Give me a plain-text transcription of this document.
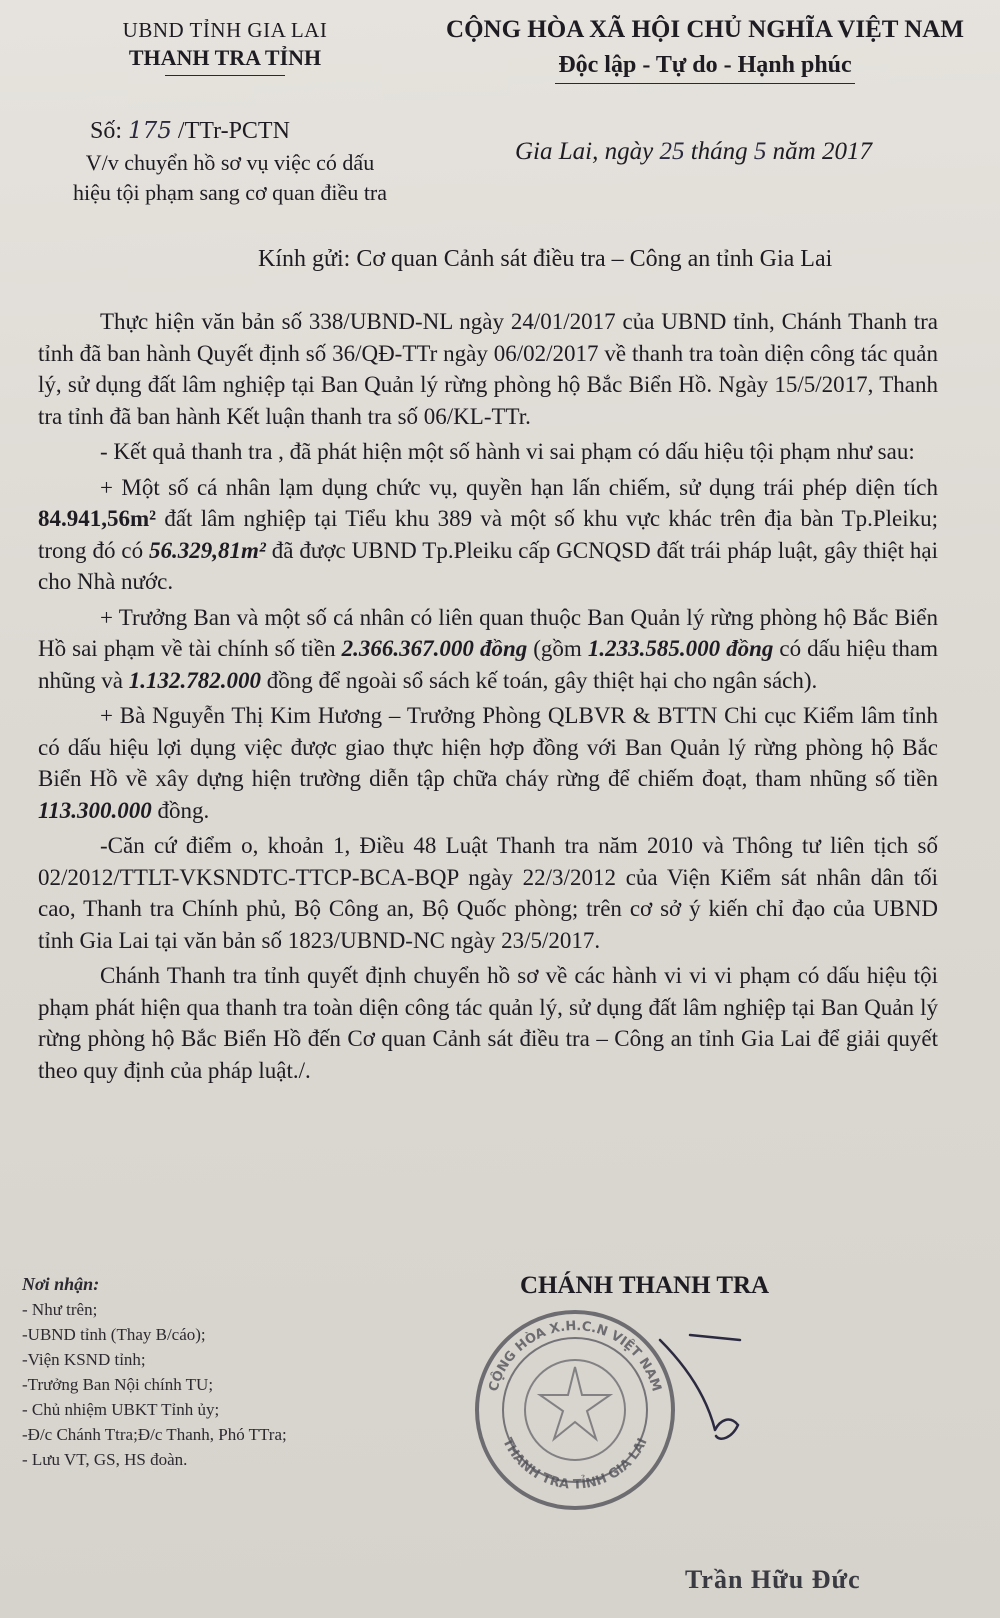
UBND TỈNH GIA LAI
THANH TRA TỈNH
CỘNG HÒA XÃ HỘI CHỦ NGHĨA VIỆT NAM
Độc lập - Tự do - Hạnh phúc
Số: 175 /TTr-PCTN
V/v chuyển hồ sơ vụ việc có dấu
hiệu tội phạm sang cơ quan điều tra
Gia Lai, ngày 25 tháng 5 năm 2017
Kính gửi: Cơ quan Cảnh sát điều tra – Công an tỉnh Gia Lai

Thực hiện văn bản số 338/UBND-NL ngày 24/01/2017 của UBND tỉnh, Chánh Thanh tra tỉnh đã ban hành Quyết định số 36/QĐ-TTr ngày 06/02/2017 về thanh tra toàn diện công tác quản lý, sử dụng đất lâm nghiệp tại Ban Quản lý rừng phòng hộ Bắc Biển Hồ. Ngày 15/5/2017, Thanh tra tỉnh đã ban hành Kết luận thanh tra số 06/KL-TTr.

- Kết quả thanh tra , đã phát hiện một số hành vi sai phạm có dấu hiệu tội phạm như sau:

+ Một số cá nhân lạm dụng chức vụ, quyền hạn lấn chiếm, sử dụng trái phép diện tích 84.941,56m² đất lâm nghiệp tại Tiểu khu 389 và một số khu vực khác trên địa bàn Tp.Pleiku; trong đó có 56.329,81m² đã được UBND Tp.Pleiku cấp GCNQSD đất trái pháp luật, gây thiệt hại cho Nhà nước.

+ Trưởng Ban và một số cá nhân có liên quan thuộc Ban Quản lý rừng phòng hộ Bắc Biển Hồ sai phạm về tài chính số tiền 2.366.367.000 đồng (gồm 1.233.585.000 đồng có dấu hiệu tham nhũng và 1.132.782.000 đồng để ngoài sổ sách kế toán, gây thiệt hại cho ngân sách).

+ Bà Nguyễn Thị Kim Hương – Trưởng Phòng QLBVR & BTTN Chi cục Kiểm lâm tỉnh có dấu hiệu lợi dụng việc được giao thực hiện hợp đồng với Ban Quản lý rừng phòng hộ Bắc Biển Hồ về xây dựng hiện trường diễn tập chữa cháy rừng để chiếm đoạt, tham nhũng số tiền 113.300.000 đồng.

-Căn cứ điểm o, khoản 1, Điều 48 Luật Thanh tra năm 2010 và Thông tư liên tịch số 02/2012/TTLT-VKSNDTC-TTCP-BCA-BQP ngày 22/3/2012 của Viện Kiểm sát nhân dân tối cao, Thanh tra Chính phủ, Bộ Công an, Bộ Quốc phòng; trên cơ sở ý kiến chỉ đạo của UBND tỉnh Gia Lai tại văn bản số 1823/UBND-NC ngày 23/5/2017.

Chánh Thanh tra tỉnh quyết định chuyển hồ sơ về các hành vi vi vi phạm có dấu hiệu tội phạm phát hiện qua thanh tra toàn diện công tác quản lý, sử dụng đất lâm nghiệp tại Ban Quản lý rừng phòng hộ Bắc Biển Hồ đến Cơ quan Cảnh sát điều tra – Công an tỉnh Gia Lai để giải quyết theo quy định của pháp luật./.

Nơi nhận:
- Như trên;
-UBND tỉnh (Thay B/cáo);
-Viện KSND tỉnh;
-Trưởng Ban Nội chính TU;
- Chủ nhiệm UBKT Tỉnh ủy;
-Đ/c Chánh Ttra;Đ/c Thanh, Phó TTra;
- Lưu VT, GS, HS đoàn.
CHÁNH THANH TRA
CỘNG HÒA X.H.C.N VIỆT NAM
THANH TRA TỈNH GIA LAI
Trần Hữu Đức
